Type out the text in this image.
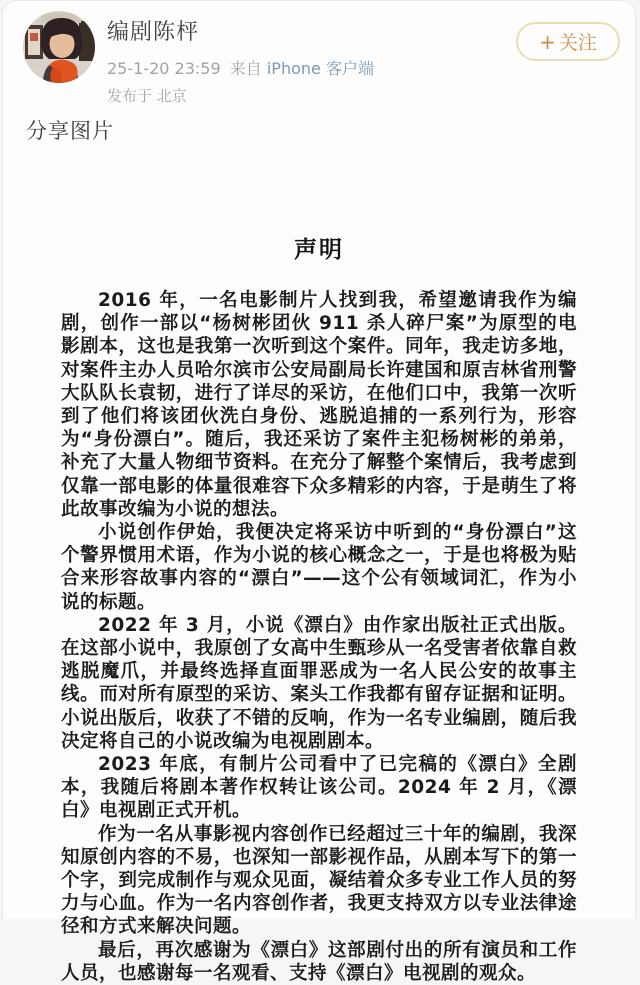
编剧陈枰
25-1-20 23:59 来自 iPhone 客户端
发布于 北京
+ 关注
分享图片
声明

2016 年，一名电影制片人找到我，希望邀请我作为编剧，创作一部以“杨树彬团伙 911 杀人碎尸案”为原型的电影剧本，这也是我第一次听到这个案件。同年，我走访多地，对案件主办人员哈尔滨市公安局副局长许建国和原吉林省刑警大队队长袁韧，进行了详尽的采访，在他们口中，我第一次听到了他们将该团伙洗白身份、逃脱追捕的一系列行为，形容为“身份漂白”。随后，我还采访了案件主犯杨树彬的弟弟，补充了大量人物细节资料。在充分了解整个案情后，我考虑到仅靠一部电影的体量很难容下众多精彩的内容，于是萌生了将此故事改编为小说的想法。

小说创作伊始，我便决定将采访中听到的“身份漂白”这个警界惯用术语，作为小说的核心概念之一，于是也将极为贴合来形容故事内容的“漂白”——这个公有领域词汇，作为小说的标题。

2022 年 3 月，小说《漂白》由作家出版社正式出版。在这部小说中，我原创了女高中生甄珍从一名受害者依靠自救逃脱魔爪，并最终选择直面罪恶成为一名人民公安的故事主线。而对所有原型的采访、案头工作我都有留存证据和证明。小说出版后，收获了不错的反响，作为一名专业编剧，随后我决定将自己的小说改编为电视剧剧本。

2023 年底，有制片公司看中了已完稿的《漂白》全剧本，我随后将剧本著作权转让该公司。2024 年 2 月，《漂白》电视剧正式开机。

作为一名从事影视内容创作已经超过三十年的编剧，我深知原创内容的不易，也深知一部影视作品，从剧本写下的第一个字，到完成制作与观众见面，凝结着众多专业工作人员的努力与心血。作为一名内容创作者，我更支持双方以专业法律途径和方式来解决问题。

最后，再次感谢为《漂白》这部剧付出的所有演员和工作人员，也感谢每一名观看、支持《漂白》电视剧的观众。
